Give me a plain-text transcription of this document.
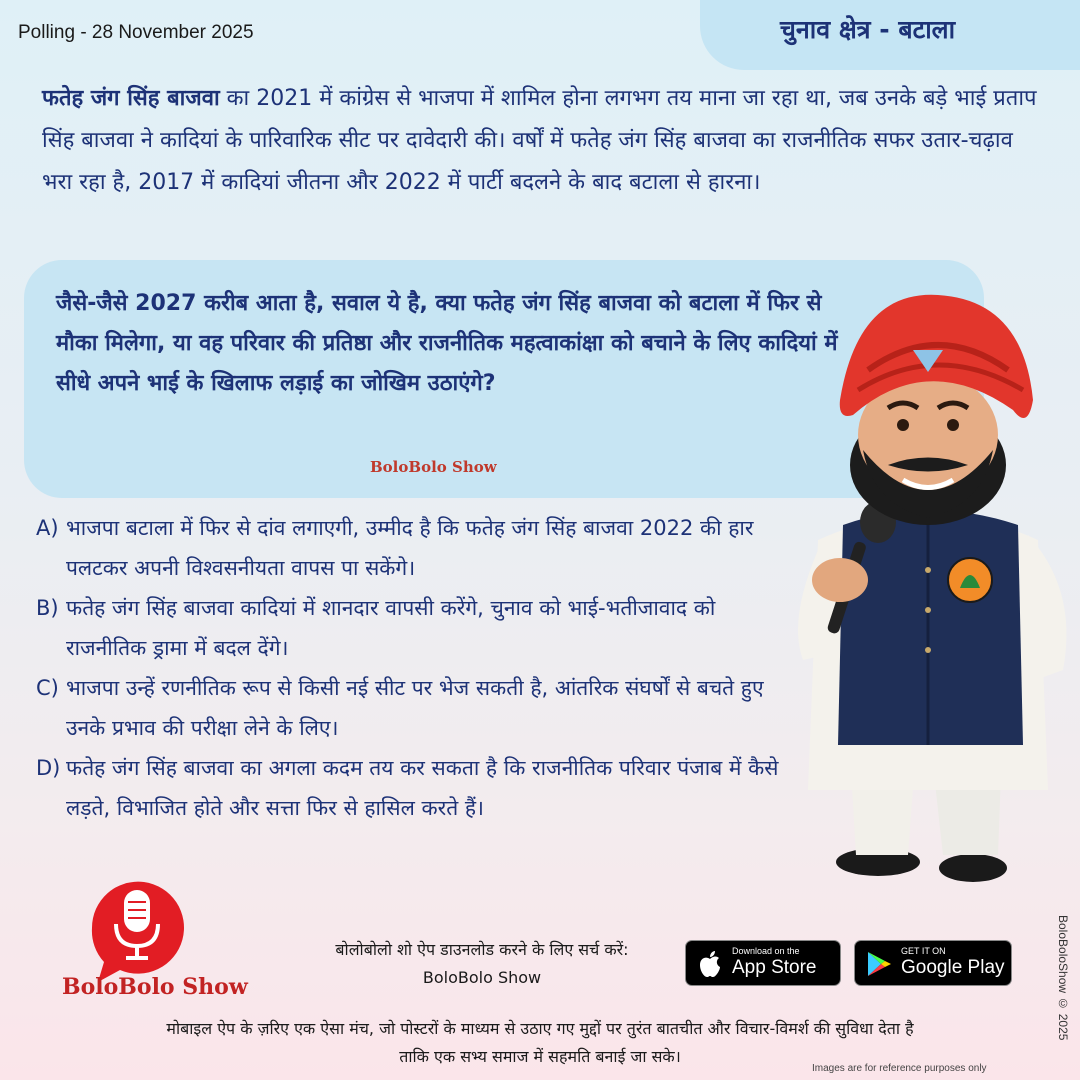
Polling - 28 November 2025	चुनाव क्षेत्र - बटाला
फतेह जंग सिंह बाजवा का 2021 में कांग्रेस से भाजपा में शामिल होना लगभग तय माना जा रहा था, जब उनके बड़े भाई प्रताप सिंह बाजवा ने कादियां के पारिवारिक सीट पर दावेदारी की। वर्षों में फतेह जंग सिंह बाजवा का राजनीतिक सफर उतार-चढ़ाव भरा रहा है, 2017 में कादियां जीतना और 2022 में पार्टी बदलने के बाद बटाला से हारना।
जैसे-जैसे 2027 करीब आता है, सवाल ये है, क्या फतेह जंग सिंह बाजवा को बटाला में फिर से मौका मिलेगा, या वह परिवार की प्रतिष्ठा और राजनीतिक महत्वाकांक्षा को बचाने के लिए कादियां में सीधे अपने भाई के खिलाफ लड़ाई का जोखिम उठाएंगे?
BoloBolo Show
A) भाजपा बटाला में फिर से दांव लगाएगी, उम्मीद है कि फतेह जंग सिंह बाजवा 2022 की हार पलटकर अपनी विश्वसनीयता वापस पा सकेंगे।
B) फतेह जंग सिंह बाजवा कादियां में शानदार वापसी करेंगे, चुनाव को भाई-भतीजावाद को राजनीतिक ड्रामा में बदल देंगे।
C) भाजपा उन्हें रणनीतिक रूप से किसी नई सीट पर भेज सकती है, आंतरिक संघर्षों से बचते हुए उनके प्रभाव की परीक्षा लेने के लिए।
D) फतेह जंग सिंह बाजवा का अगला कदम तय कर सकता है कि राजनीतिक परिवार पंजाब में कैसे लड़ते, विभाजित होते और सत्ता फिर से हासिल करते हैं।
BoloBoloShow © 2025
BoloBolo Show
बोलोबोलो शो ऐप डाउनलोड करने के लिए सर्च करें:
BoloBolo Show
Download on the
App Store
GET IT ON
Google Play
मोबाइल ऐप के ज़रिए एक ऐसा मंच, जो पोस्टरों के माध्यम से उठाए गए मुद्दों पर तुरंत बातचीत और विचार-विमर्श की सुविधा देता है
ताकि एक सभ्य समाज में सहमति बनाई जा सके।
Images are for reference purposes only
